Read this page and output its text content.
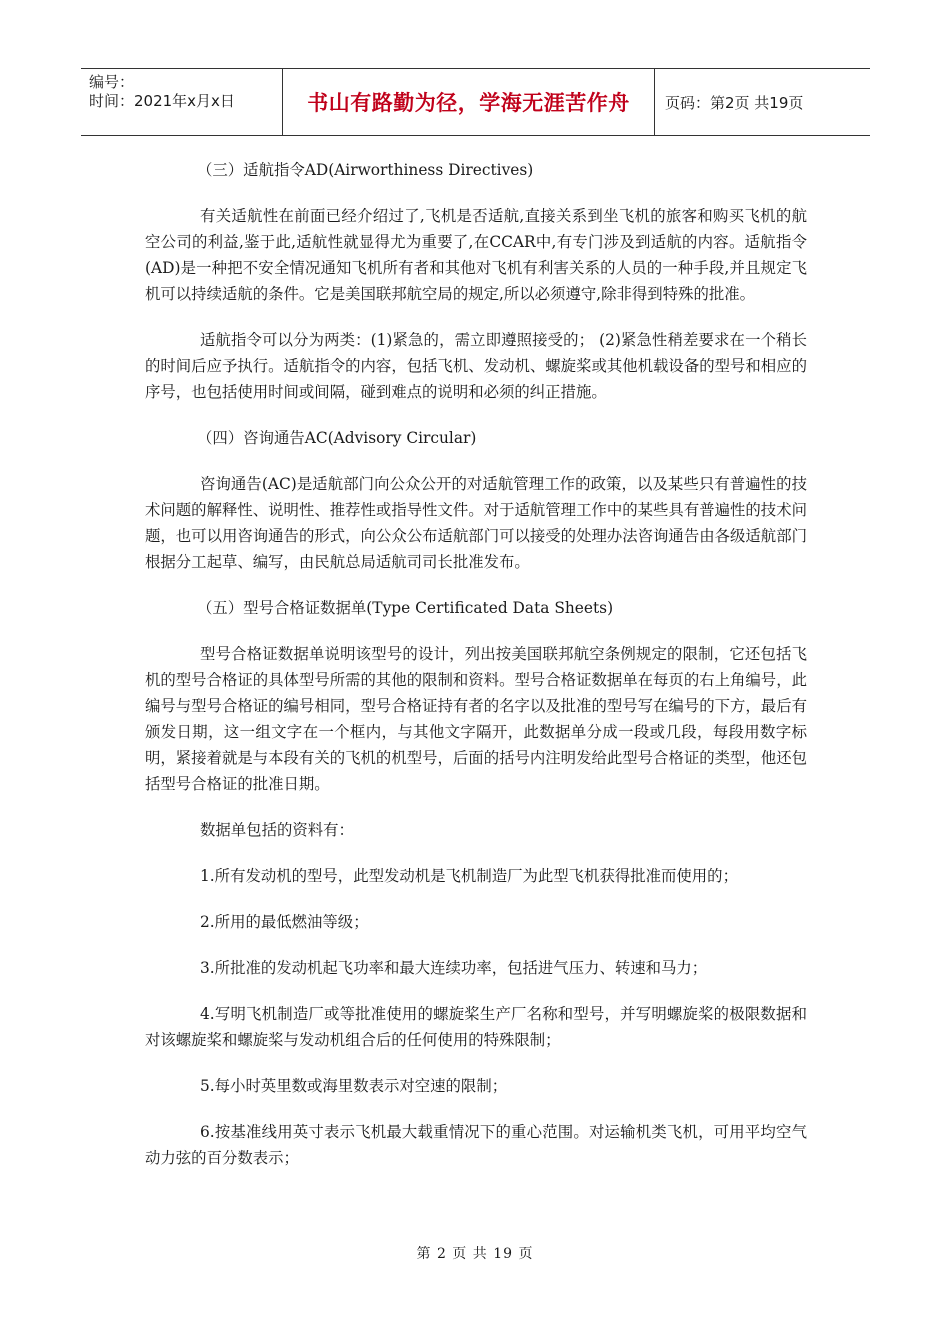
编号：
时间：2021年x月x日	书山有路勤为径，学海无涯苦作舟 页码：第2页 共19页

（三）适航指令AD(Airworthiness Directives)

有关适航性在前面已经介绍过了,飞机是否适航,直接关系到坐飞机的旅客和购买飞机的航空公司的利益,鉴于此,适航性就显得尤为重要了,在CCAR中,有专门涉及到适航的内容。适航指令(AD)是一种把不安全情况通知飞机所有者和其他对飞机有利害关系的人员的一种手段,并且规定飞机可以持续适航的条件。它是美国联邦航空局的规定,所以必须遵守,除非得到特殊的批准。

适航指令可以分为两类：(1)紧急的，需立即遵照接受的； (2)紧急性稍差要求在一个稍长的时间后应予执行。适航指令的内容，包括飞机、发动机、螺旋桨或其他机载设备的型号和相应的序号，也包括使用时间或间隔，碰到难点的说明和必须的纠正措施。

（四）咨询通告AC(Advisory Circular)

咨询通告(AC)是适航部门向公众公开的对适航管理工作的政策，以及某些只有普遍性的技术问题的解释性、说明性、推荐性或指导性文件。对于适航管理工作中的某些具有普遍性的技术问题，也可以用咨询通告的形式，向公众公布适航部门可以接受的处理办法咨询通告由各级适航部门根据分工起草、编写，由民航总局适航司司长批准发布。

（五）型号合格证数据单(Type Certificated Data Sheets)

型号合格证数据单说明该型号的设计，列出按美国联邦航空条例规定的限制，它还包括飞机的型号合格证的具体型号所需的其他的限制和资料。型号合格证数据单在每页的右上角编号，此编号与型号合格证的编号相同，型号合格证持有者的名字以及批准的型号写在编号的下方，最后有颁发日期，这一组文字在一个框内，与其他文字隔开，此数据单分成一段或几段，每段用数字标明，紧接着就是与本段有关的飞机的机型号，后面的括号内注明发给此型号合格证的类型，他还包括型号合格证的批准日期。

数据单包括的资料有：

1.所有发动机的型号，此型发动机是飞机制造厂为此型飞机获得批准而使用的；

2.所用的最低燃油等级；

3.所批准的发动机起飞功率和最大连续功率，包括进气压力、转速和马力；

4.写明飞机制造厂或等批准使用的螺旋桨生产厂名称和型号，并写明螺旋桨的极限数据和对该螺旋桨和螺旋桨与发动机组合后的任何使用的特殊限制；

5.每小时英里数或海里数表示对空速的限制；

6.按基准线用英寸表示飞机最大载重情况下的重心范围。对运输机类飞机，可用平均空气动力弦的百分数表示；

第 2 页 共 19 页
